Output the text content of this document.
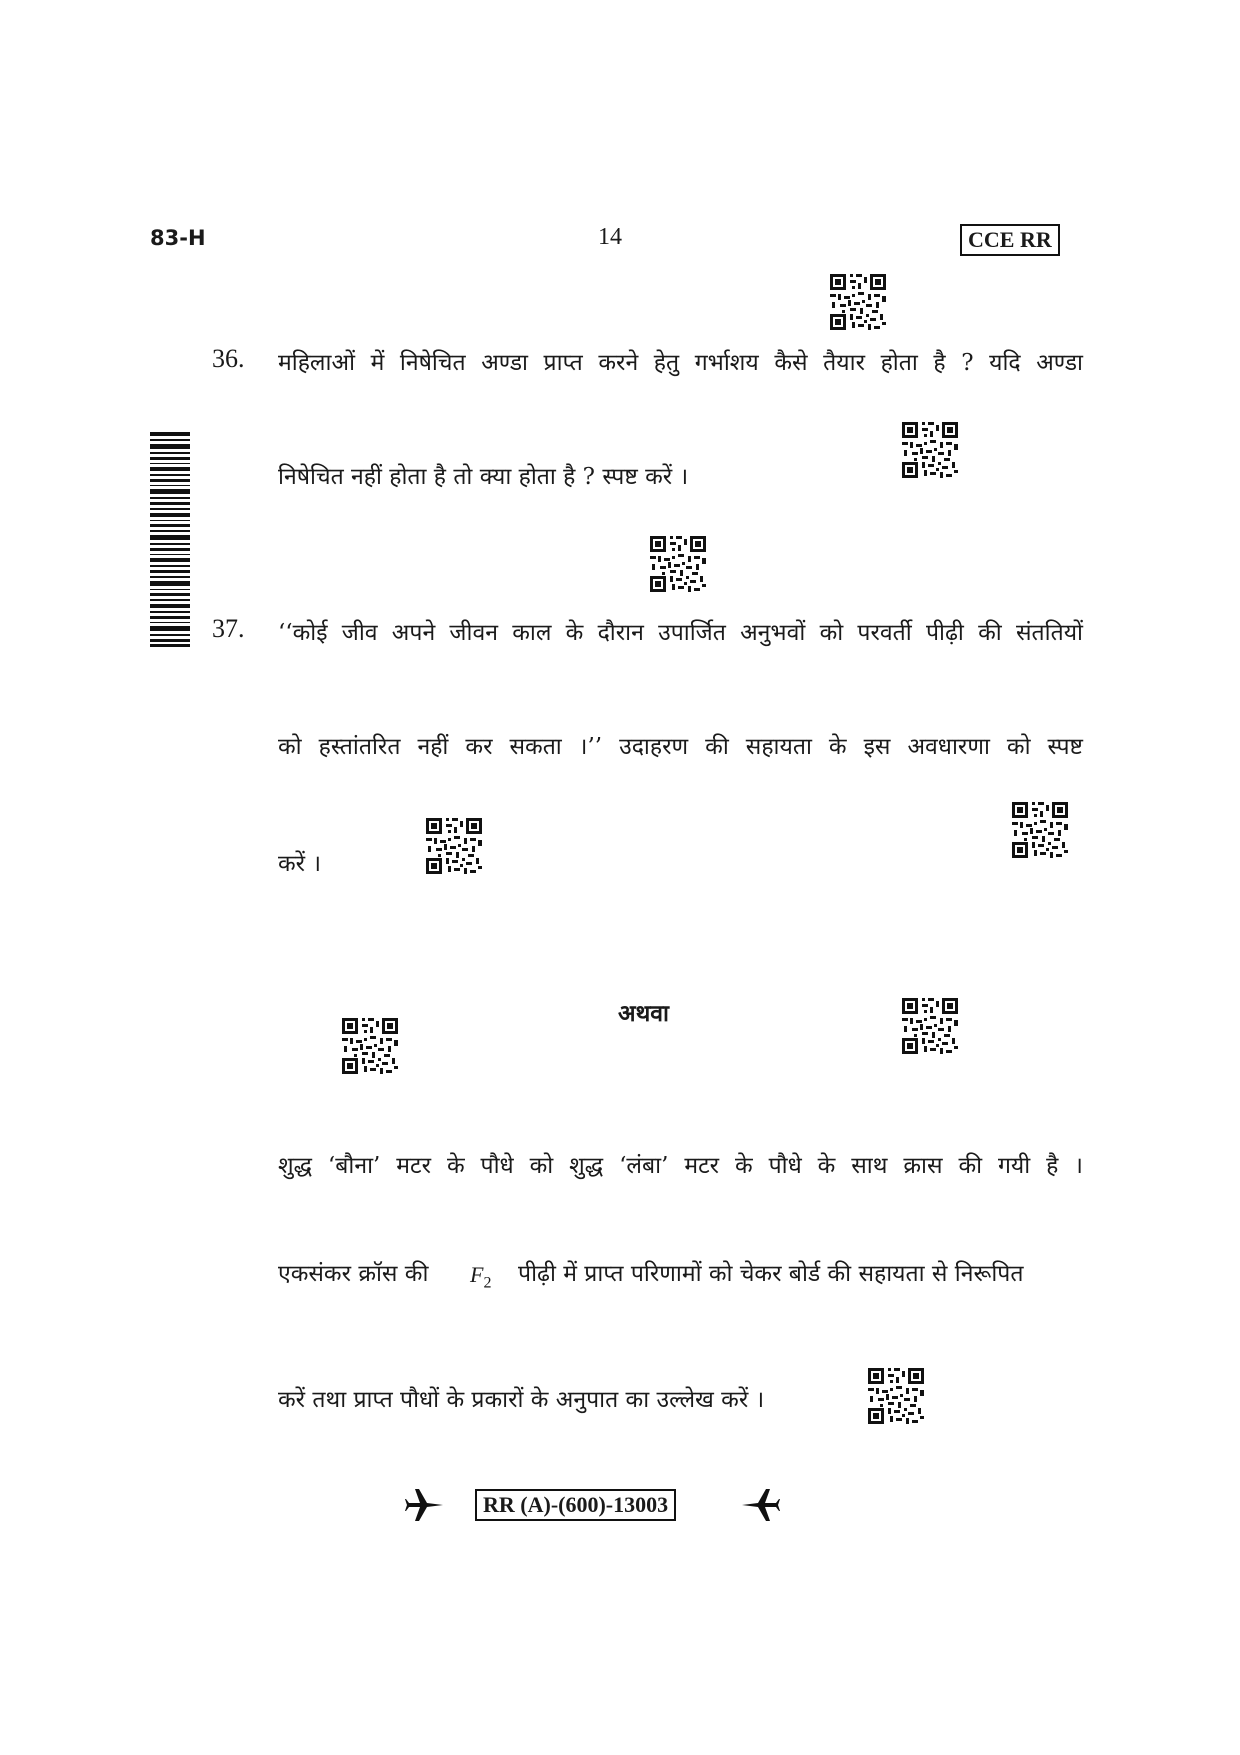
83-H	14	CCE RR
36. महिलाओं में निषेचित अण्डा प्राप्त करने हेतु गर्भाशय कैसे तैयार होता है ? यदि अण्डा
निषेचित नहीं होता है तो क्या होता है ? स्पष्ट करें ।
37. ‘‘कोई जीव अपने जीवन काल के दौरान उपार्जित अनुभवों को परवर्ती पीढ़ी की संततियों
को हस्तांतरित नहीं कर सकता ।’’ उदाहरण की सहायता के इस अवधारणा को स्पष्ट
करें ।
अथवा
शुद्ध ‘बौना’ मटर के पौधे को शुद्ध ‘लंबा’ मटर के पौधे के साथ क्रास की गयी है ।
एकसंकर क्रॉस की $F_2$ पीढ़ी में प्राप्त परिणामों को चेकर बोर्ड की सहायता से निरूपित
करें तथा प्राप्त पौधों के प्रकारों के अनुपात का उल्लेख करें ।
RR (A)-(600)-13003
